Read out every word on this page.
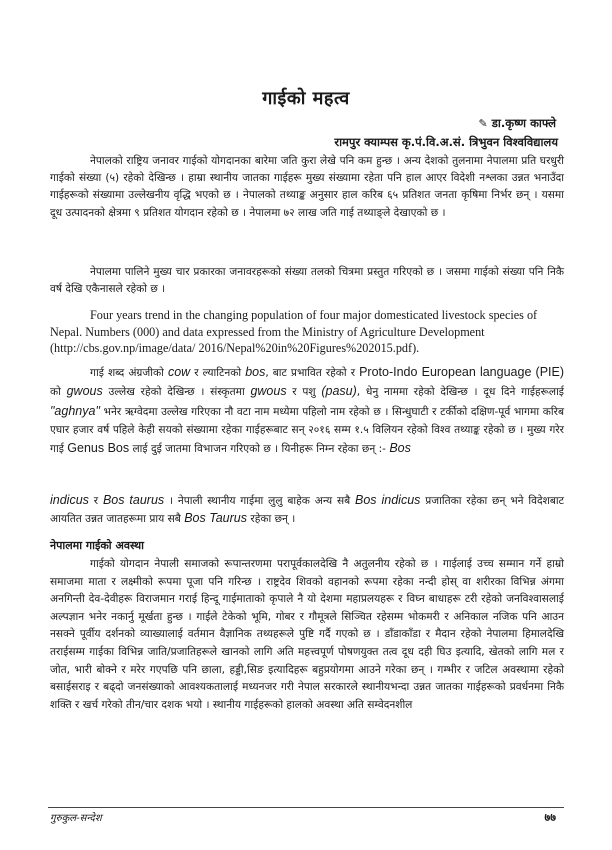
गाईको महत्व
✎ डा.कृष्ण काफ्ले
रामपुर क्याम्पस कृ.पं.वि.अ.सं. त्रिभुवन विश्वविद्यालय

नेपालको राष्ट्रिय जनावर गाईको योगदानका बारेमा जति कुरा लेखे पनि कम हुन्छ । अन्य देशको तुलनामा नेपालमा प्रति घरधुरी गाईको संख्या (५) रहेको देखिन्छ । हाम्रा स्थानीय जातका गाईहरू मुख्य संख्यामा रहेता पनि हाल आएर विदेशी नश्लका उन्नत भनाउँदा गाईहरूको संख्यामा उल्लेखनीय वृद्धि भएको छ । नेपालको तथ्याङ्क अनुसार हाल करिब ६५ प्रतिशत जनता कृषिमा निर्भर छन् । यसमा दूध उत्पादनको क्षेत्रमा ९ प्रतिशत योगदान रहेको छ । नेपालमा ७२ लाख जति गाई तथ्याङ्ले देखाएको छ ।

नेपालमा पालिने मुख्य चार प्रकारका जनावरहरूको संख्या तलको चित्रमा प्रस्तुत गरिएको छ । जसमा गाईको संख्या पनि निकै वर्ष देखि एकैनासले रहेको छ ।

Four years trend in the changing population of four major domesticated livestock species of Nepal. Numbers (000) and data expressed from the Ministry of Agriculture Development (http://cbs.gov.np/image/data/ 2016/Nepal%20in%20Figures%202015.pdf).

गाई शब्द अंग्रजीको cow र ल्याटिनको bos, बाट प्रभावित रहेको र Proto-Indo European language (PIE) को gwous उल्लेख रहेको देखिन्छ । संस्कृतमा gwous र पशु (pasu), धेनु नाममा रहेको देखिन्छ । दूध दिने गाईहरूलाई "aghnya" भनेर ऋग्वेदमा उल्लेख गरिएका नौ वटा नाम मध्येमा पहिलो नाम रहेको छ । सिन्धुघाटी र टर्कीको दक्षिण-पूर्व भागमा करिब एघार हजार वर्ष पहिले केही सयको संख्यामा रहेका गाईहरूबाट सन् २०१६ सम्म १.५ विलियन रहेको विश्व तथ्याङ्क रहेको छ । मुख्य गरेर गाई Genus Bos लाई दुई जातमा विभाजन गरिएको छ । यिनीहरू निम्न रहेका छन् :- Bos

indicus र Bos taurus । नेपाली स्थानीय गाईमा लुलु बाहेक अन्य सबै Bos indicus प्रजातिका रहेका छन् भने विदेशबाट आयतित उन्नत जातहरूमा प्राय सबै Bos Taurus रहेका छन् ।

नेपालमा गाईको अवस्था

गाईको योगदान नेपाली समाजको रूपान्तरणमा परापूर्वकालदेखि नै अतुलनीय रहेको छ । गाईलाई उच्च सम्मान गर्ने हाम्रो समाजमा माता र लक्ष्मीको रूपमा पूजा पनि गरिन्छ । राष्ट्रदेव शिवको वहानको रूपमा रहेका नन्दी होस् वा शरीरका विभिन्न अंगमा अनगिन्ती देव-देवीहरू विराजमान गराई हिन्दू गाईमाताको कृपाले नै यो देशमा महाप्रलयहरू र विघ्न बाधाहरू टरी रहेको जनविश्वासलाई अल्पज्ञान भनेर नकार्नु मूर्खता हुन्छ । गाईले टेकेको भूमि, गोबर र गौमूत्रले सिञ्चित रहेसम्म भोकमरी र अनिकाल नजिक पनि आउन नसक्ने पूर्वीय दर्शनको व्याख्यालाई वर्तमान वैज्ञानिक तथ्यहरूले पुष्टि गर्दै गएको छ । डाँडाकाँडा र मैदान रहेको नेपालमा हिमालदेखि तराईसम्म गाईका विभिन्न जाति/प्रजातिहरूले खानको लागि अति महत्त्वपूर्ण पोषणयुक्त तत्व दूध दही घिउ इत्यादि, खेतको लागि मल र जोत, भारी बोक्ने र मरेर गएपछि पनि छाला, हड्डी,सिङ इत्यादिहरू बहुप्रयोगमा आउने गरेका छन् । गम्भीर र जटिल अवस्थामा रहेको बसाईसराइ र बढ्दो जनसंख्याको आवश्यकतालाई मध्यनजर गरी नेपाल सरकारले स्थानीयभन्दा उन्नत जातका गाईहरूको प्रवर्धनमा निकै शक्ति र खर्च गरेको तीन/चार दशक भयो । स्थानीय गाईहरूको हालको अवस्था अति सम्वेदनशील

गुरुकुल-सन्देश	७७
